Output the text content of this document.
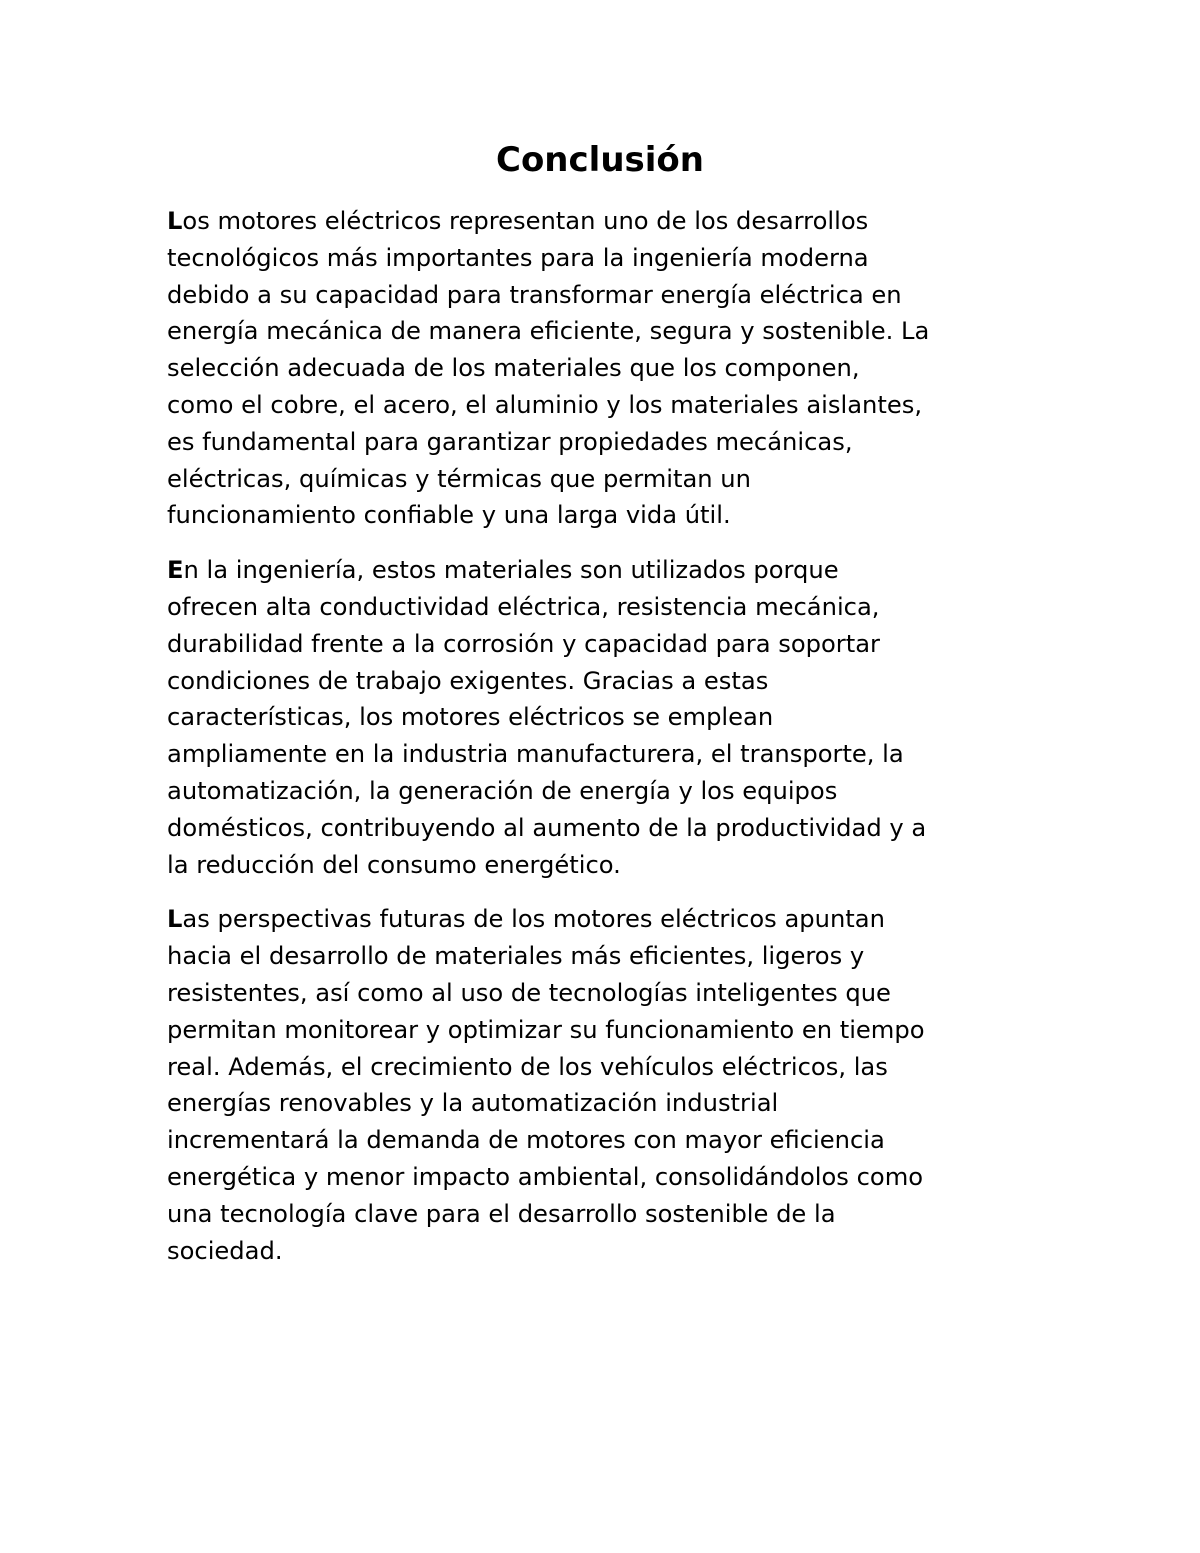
Conclusión

Los motores eléctricos representan uno de los desarrollos
tecnológicos más importantes para la ingeniería moderna
debido a su capacidad para transformar energía eléctrica en
energía mecánica de manera eficiente, segura y sostenible. La
selección adecuada de los materiales que los componen,
como el cobre, el acero, el aluminio y los materiales aislantes,
es fundamental para garantizar propiedades mecánicas,
eléctricas, químicas y térmicas que permitan un
funcionamiento confiable y una larga vida útil.

En la ingeniería, estos materiales son utilizados porque
ofrecen alta conductividad eléctrica, resistencia mecánica,
durabilidad frente a la corrosión y capacidad para soportar
condiciones de trabajo exigentes. Gracias a estas
características, los motores eléctricos se emplean
ampliamente en la industria manufacturera, el transporte, la
automatización, la generación de energía y los equipos
domésticos, contribuyendo al aumento de la productividad y a
la reducción del consumo energético.

Las perspectivas futuras de los motores eléctricos apuntan
hacia el desarrollo de materiales más eficientes, ligeros y
resistentes, así como al uso de tecnologías inteligentes que
permitan monitorear y optimizar su funcionamiento en tiempo
real. Además, el crecimiento de los vehículos eléctricos, las
energías renovables y la automatización industrial
incrementará la demanda de motores con mayor eficiencia
energética y menor impacto ambiental, consolidándolos como
una tecnología clave para el desarrollo sostenible de la
sociedad.
